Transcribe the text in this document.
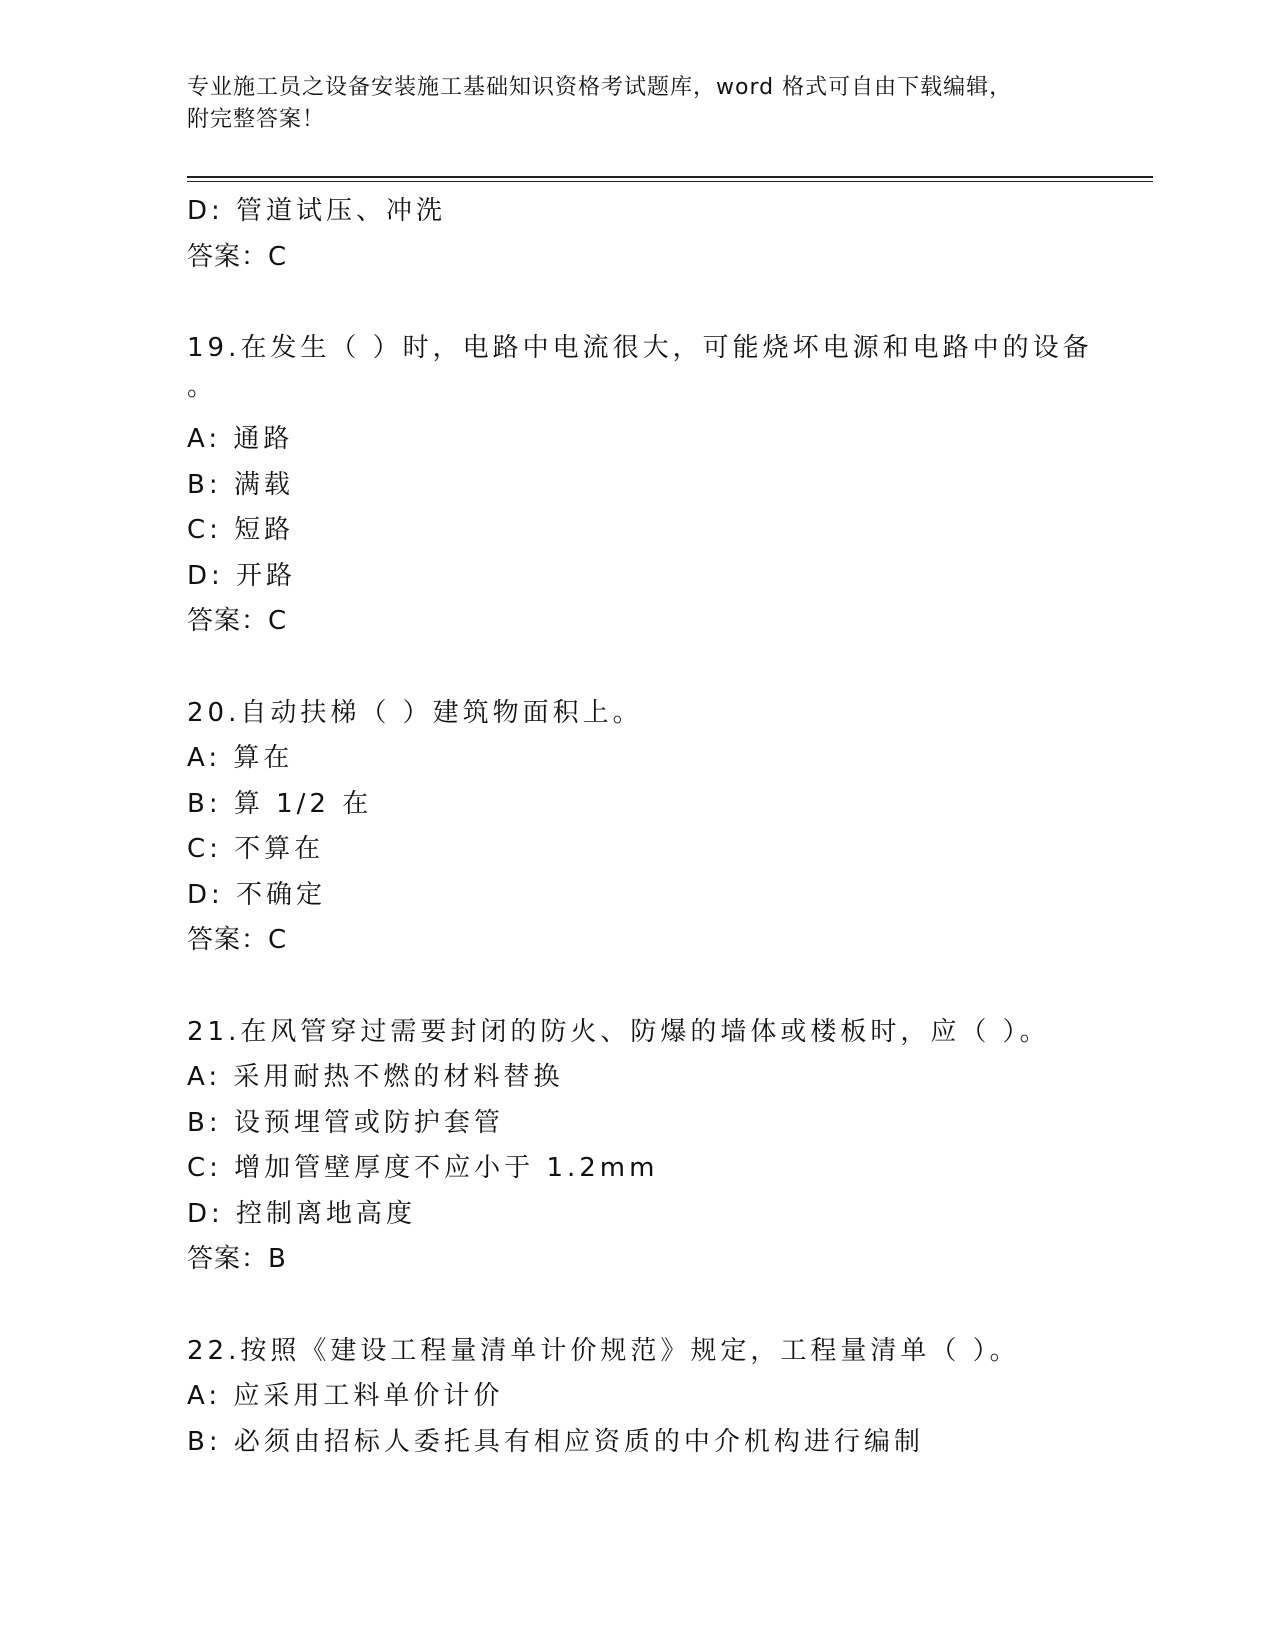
专业施工员之设备安装施工基础知识资格考试题库，word 格式可自由下载编辑，
附完整答案！
D: 管道试压、冲洗
答案：C
19.在发生（ ）时，电路中电流很大，可能烧坏电源和电路中的设备
。
A: 通路
B: 满载
C: 短路
D: 开路
答案：C
20.自动扶梯（ ）建筑物面积上。
A: 算在
B: 算 1/2 在
C: 不算在
D: 不确定
答案：C
21.在风管穿过需要封闭的防火、防爆的墙体或楼板时，应（ ）。
A: 采用耐热不燃的材料替换
B: 设预埋管或防护套管
C: 增加管壁厚度不应小于 1.2mm
D: 控制离地高度
答案：B
22.按照《建设工程量清单计价规范》规定，工程量清单（ ）。
A: 应采用工料单价计价
B: 必须由招标人委托具有相应资质的中介机构进行编制
